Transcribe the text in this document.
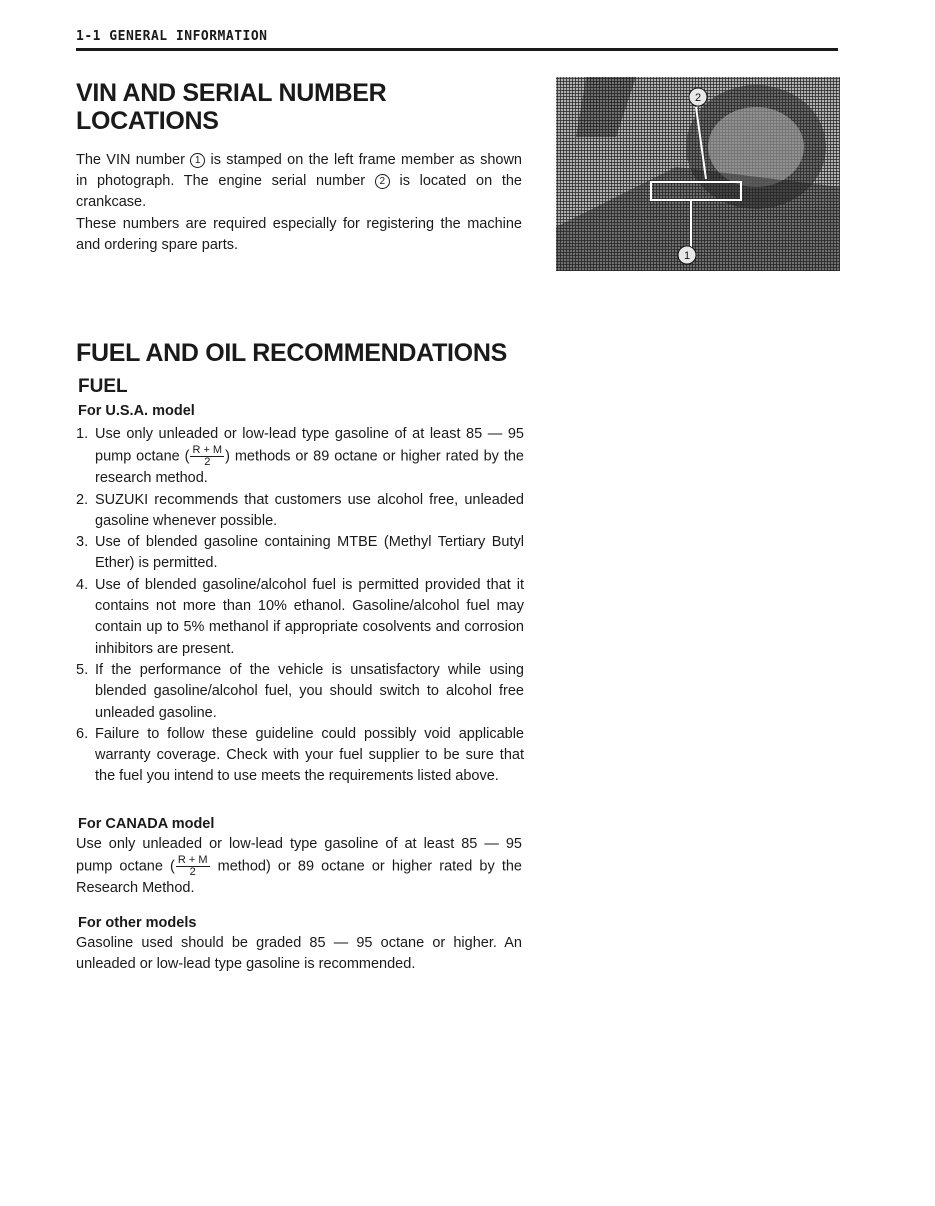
1-1 GENERAL INFORMATION
VIN AND SERIAL NUMBER
LOCATIONS

The VIN number 1 is stamped on the left frame member as shown in photograph. The engine serial number 2 is located on the crankcase.

These numbers are required especially for registering the machine and ordering spare parts.

1
2
FUEL AND OIL RECOMMENDATIONS
FUEL
For U.S.A. model
1. Use only unleaded or low-lead type gasoline of at least 85 — 95 pump octane ( $\frac{R + M}{2}$ ) methods or 89 octane or higher rated by the research method.
2. SUZUKI recommends that customers use alcohol free, unleaded gasoline whenever possible.
3. Use of blended gasoline containing MTBE (Methyl Tertiary Butyl Ether) is permitted.
4. Use of blended gasoline/alcohol fuel is permitted provided that it contains not more than 10% ethanol. Gasoline/alcohol fuel may contain up to 5% methanol if appropriate cosolvents and corrosion inhibitors are present.
5. If the performance of the vehicle is unsatisfactory while using blended gasoline/alcohol fuel, you should switch to alcohol free unleaded gasoline.
6. Failure to follow these guideline could possibly void applicable warranty coverage. Check with your fuel supplier to be sure that the fuel you intend to use meets the requirements listed above.
For CANADA model

Use only unleaded or low-lead type gasoline of at least 85 — 95 pump octane ( $\frac{R + M}{2}$ method) or 89 octane or higher rated by the Research Method.

For other models

Gasoline used should be graded 85 — 95 octane or higher. An unleaded or low-lead type gasoline is recommended.
